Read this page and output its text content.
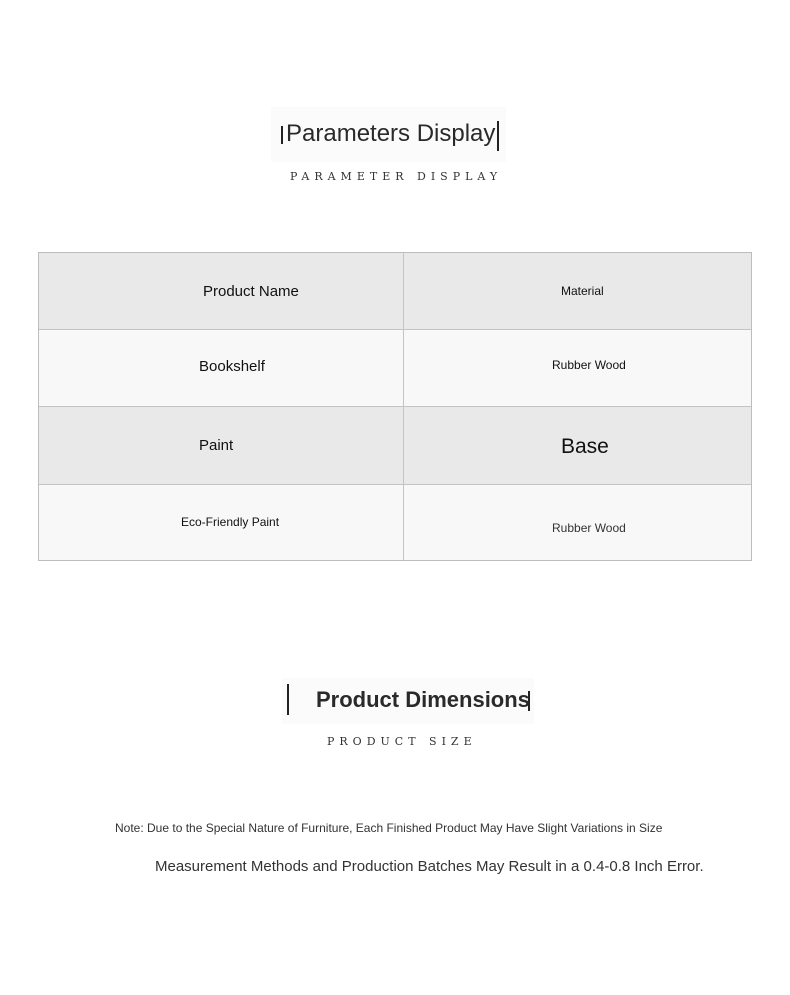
Parameters Display
PARAMETER DISPLAY
Product Name	Material
Bookshelf	Rubber Wood
Paint	Base
Eco-Friendly Paint	Rubber Wood
Product Dimensions
PRODUCT SIZE
Note: Due to the Special Nature of Furniture, Each Finished Product May Have Slight Variations in Size
Measurement Methods and Production Batches May Result in a 0.4-0.8 Inch Error.
